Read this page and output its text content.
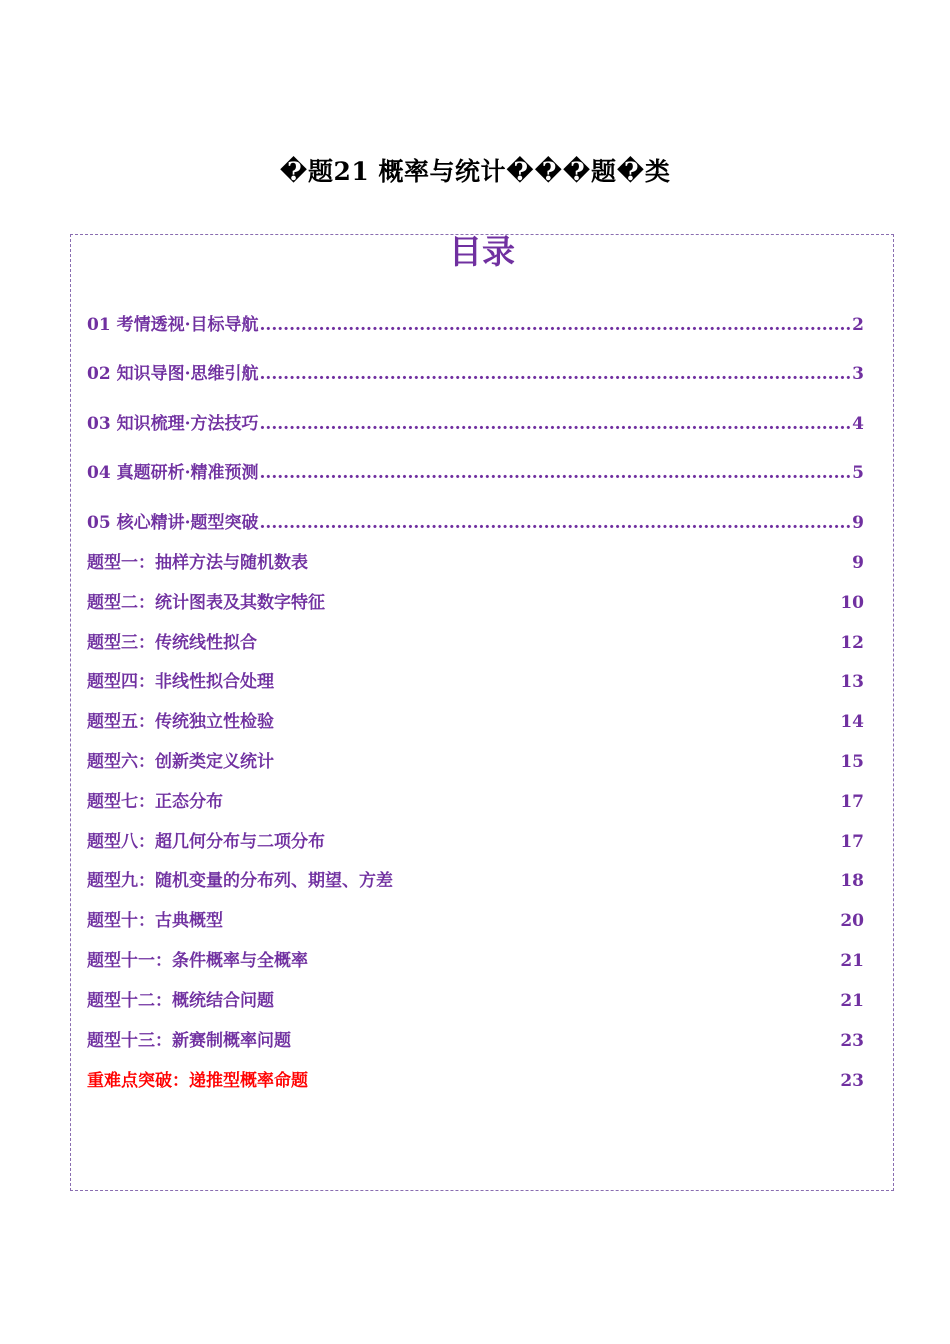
�题21 概率与统计���题�类
目录
01 考情透视·目标导航 .....	2
02 知识导图·思维引航 .....	3
03 知识梳理·方法技巧 .....	4
04 真题研析·精准预测 .....	5
05 核心精讲·题型突破 .....	9
题型一：抽样方法与随机数表	9
题型二：统计图表及其数字特征	10
题型三：传统线性拟合	12
题型四：非线性拟合处理	13
题型五：传统独立性检验	14
题型六：创新类定义统计	15
题型七：正态分布	17
题型八：超几何分布与二项分布	17
题型九：随机变量的分布列、期望、方差	18
题型十：古典概型	20
题型十一：条件概率与全概率	21
题型十二：概统结合问题	21
题型十三：新赛制概率问题	23
重难点突破：递推型概率命题	23
